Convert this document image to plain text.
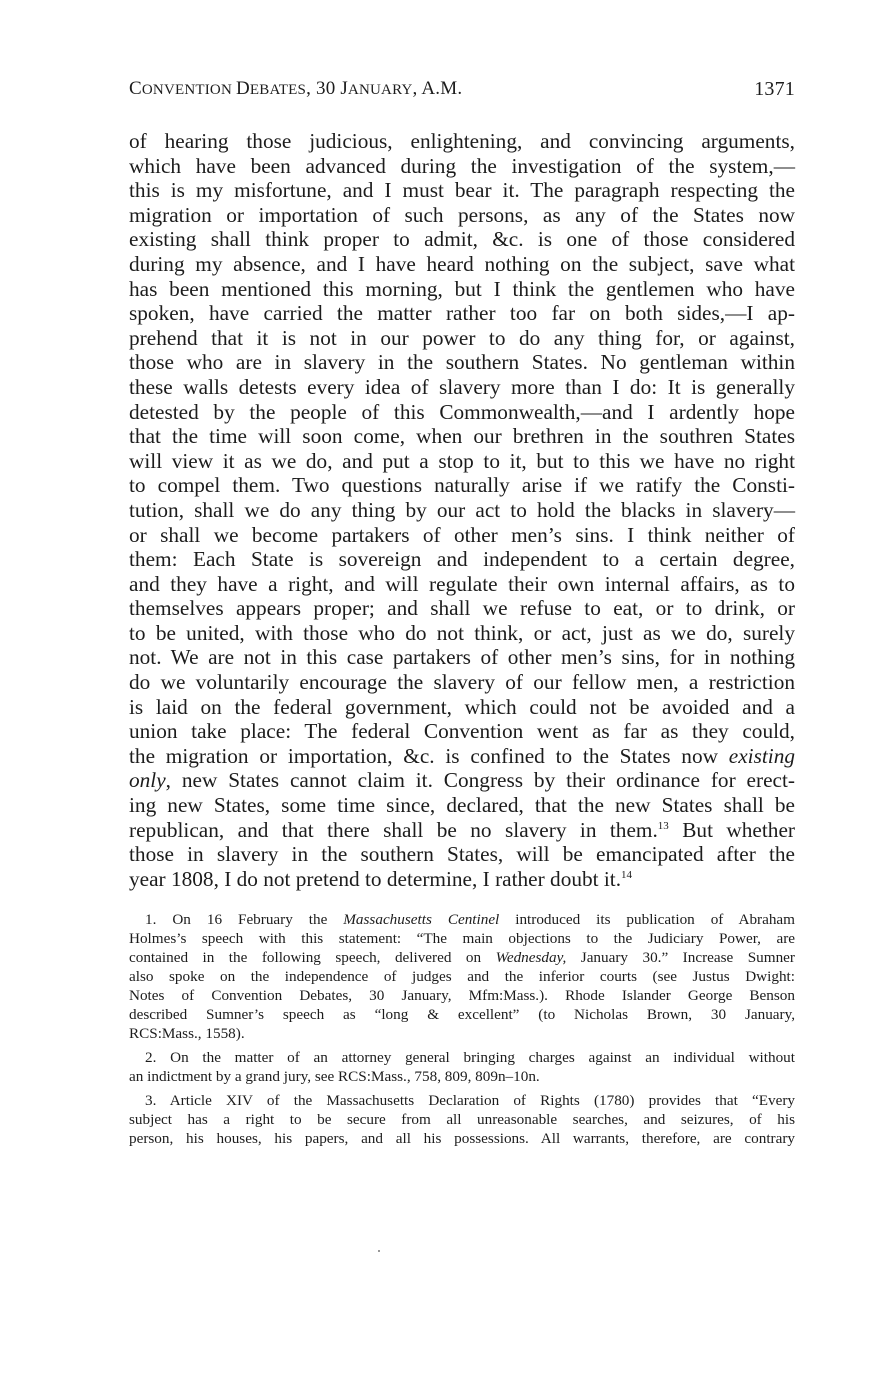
CONVENTION DEBATES, 30 JANUARY, A.M.	1371

of hearing those judicious, enlightening, and convincing arguments,
which have been advanced during the investigation of the system,—
this is my misfortune, and I must bear it. The paragraph respecting the
migration or importation of such persons, as any of the States now
existing shall think proper to admit, &c. is one of those considered
during my absence, and I have heard nothing on the subject, save what
has been mentioned this morning, but I think the gentlemen who have
spoken, have carried the matter rather too far on both sides,—I ap-
prehend that it is not in our power to do any thing for, or against,
those who are in slavery in the southern States. No gentleman within
these walls detests every idea of slavery more than I do: It is generally
detested by the people of this Commonwealth,—and I ardently hope
that the time will soon come, when our brethren in the southren States
will view it as we do, and put a stop to it, but to this we have no right
to compel them. Two questions naturally arise if we ratify the Consti-
tution, shall we do any thing by our act to hold the blacks in slavery—
or shall we become partakers of other men’s sins. I think neither of
them: Each State is sovereign and independent to a certain degree,
and they have a right, and will regulate their own internal affairs, as to
themselves appears proper; and shall we refuse to eat, or to drink, or
to be united, with those who do not think, or act, just as we do, surely
not. We are not in this case partakers of other men’s sins, for in nothing
do we voluntarily encourage the slavery of our fellow men, a restriction
is laid on the federal government, which could not be avoided and a
union take place: The federal Convention went as far as they could,
the migration or importation, &c. is confined to the States now existing
only, new States cannot claim it. Congress by their ordinance for erect-
ing new States, some time since, declared, that the new States shall be
republican, and that there shall be no slavery in them.$^{13}$ But whether
those in slavery in the southern States, will be emancipated after the
year 1808, I do not pretend to determine, I rather doubt it.$^{14}$

1. On 16 February the Massachusetts Centinel introduced its publication of Abraham
Holmes’s speech with this statement: “The main objections to the Judiciary Power, are
contained in the following speech, delivered on Wednesday, January 30.” Increase Sumner
also spoke on the independence of judges and the inferior courts (see Justus Dwight:
Notes of Convention Debates, 30 January, Mfm:Mass.). Rhode Islander George Benson
described Sumner’s speech as “long & excellent” (to Nicholas Brown, 30 January,
RCS:Mass., 1558).
2. On the matter of an attorney general bringing charges against an individual without
an indictment by a grand jury, see RCS:Mass., 758, 809, 809n–10n.
3. Article XIV of the Massachusetts Declaration of Rights (1780) provides that “Every
subject has a right to be secure from all unreasonable searches, and seizures, of his
person, his houses, his papers, and all his possessions. All warrants, therefore, are contrary
